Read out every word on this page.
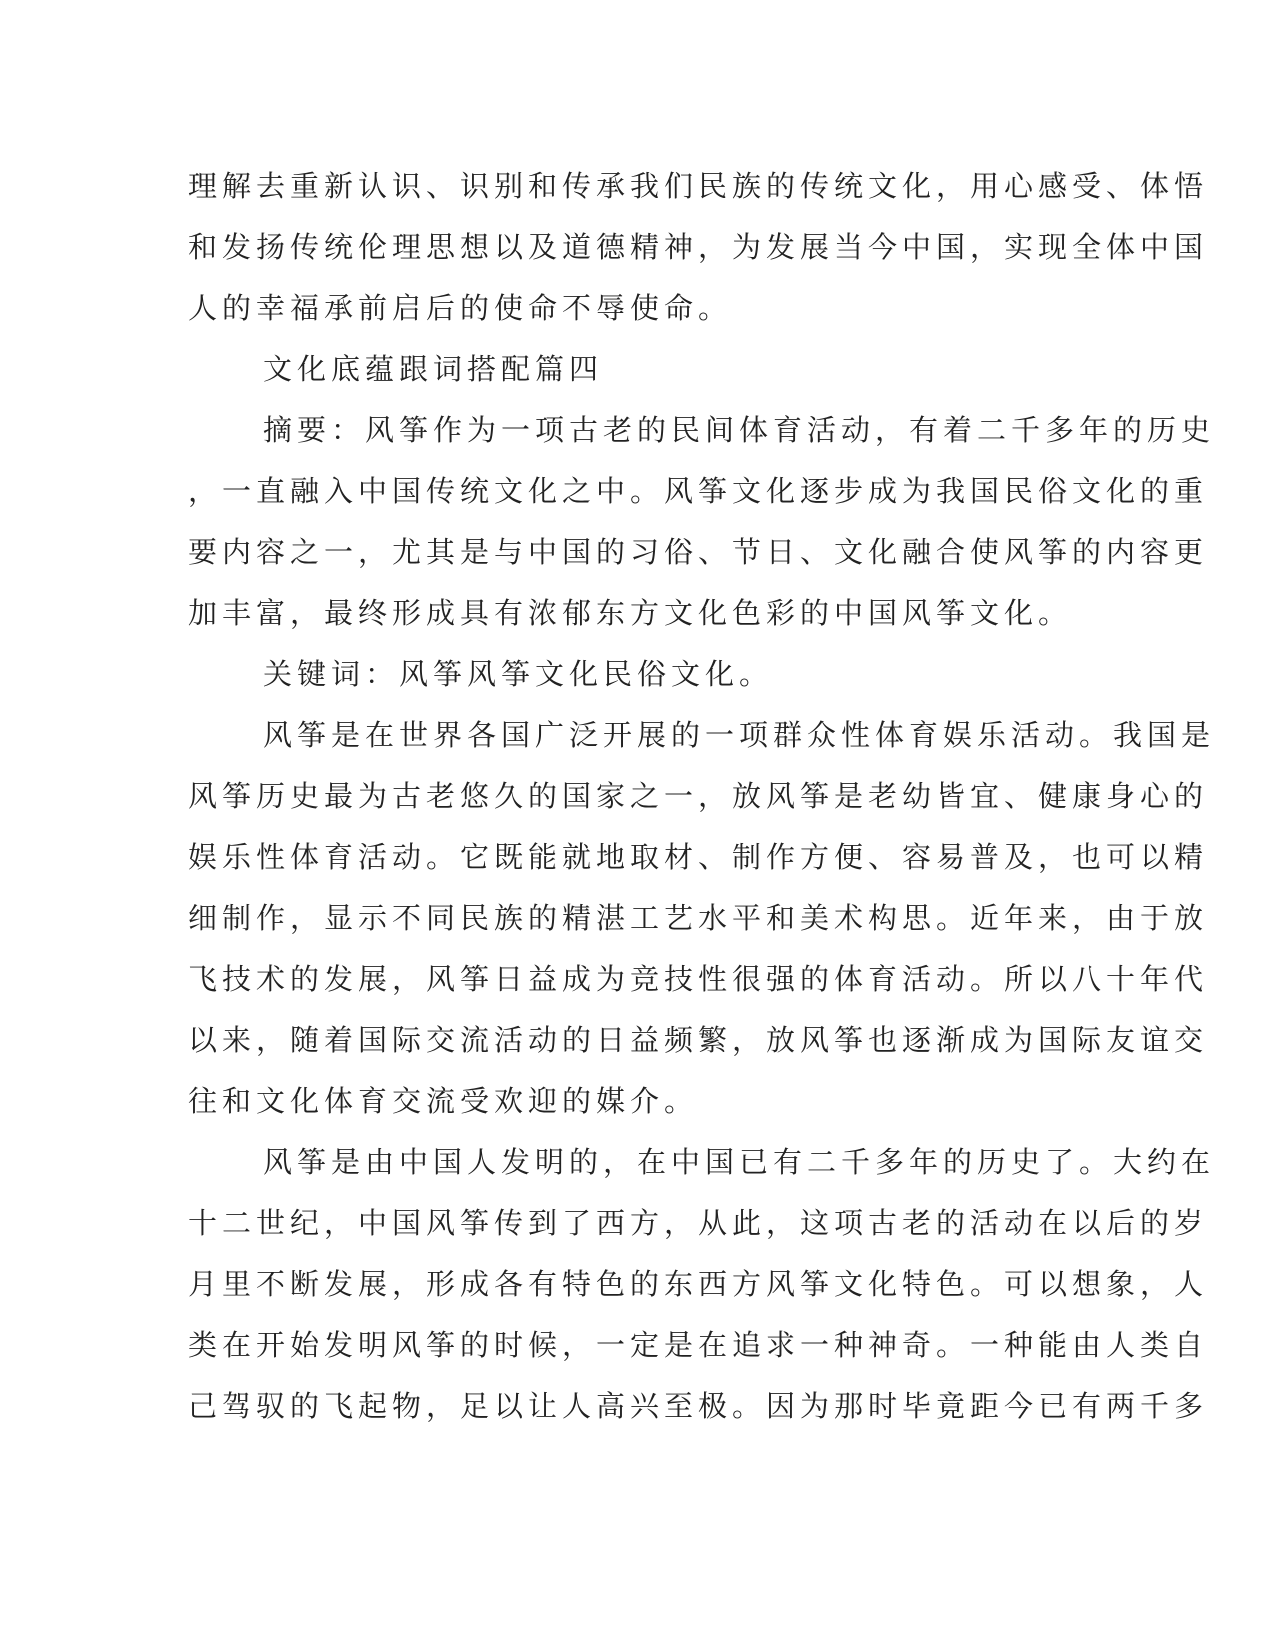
理解去重新认识、识别和传承我们民族的传统文化，用心感受、体悟
和发扬传统伦理思想以及道德精神，为发展当今中国，实现全体中国
人的幸福承前启后的使命不辱使命。
文化底蕴跟词搭配篇四
摘要：风筝作为一项古老的民间体育活动，有着二千多年的历史
，一直融入中国传统文化之中。风筝文化逐步成为我国民俗文化的重
要内容之一，尤其是与中国的习俗、节日、文化融合使风筝的内容更
加丰富，最终形成具有浓郁东方文化色彩的中国风筝文化。
关键词：风筝风筝文化民俗文化。
风筝是在世界各国广泛开展的一项群众性体育娱乐活动。我国是
风筝历史最为古老悠久的国家之一，放风筝是老幼皆宜、健康身心的
娱乐性体育活动。它既能就地取材、制作方便、容易普及，也可以精
细制作，显示不同民族的精湛工艺水平和美术构思。近年来，由于放
飞技术的发展，风筝日益成为竞技性很强的体育活动。所以八十年代
以来，随着国际交流活动的日益频繁，放风筝也逐渐成为国际友谊交
往和文化体育交流受欢迎的媒介。
风筝是由中国人发明的，在中国已有二千多年的历史了。大约在
十二世纪，中国风筝传到了西方，从此，这项古老的活动在以后的岁
月里不断发展，形成各有特色的东西方风筝文化特色。可以想象，人
类在开始发明风筝的时候，一定是在追求一种神奇。一种能由人类自
己驾驭的飞起物，足以让人高兴至极。因为那时毕竟距今已有两千多
